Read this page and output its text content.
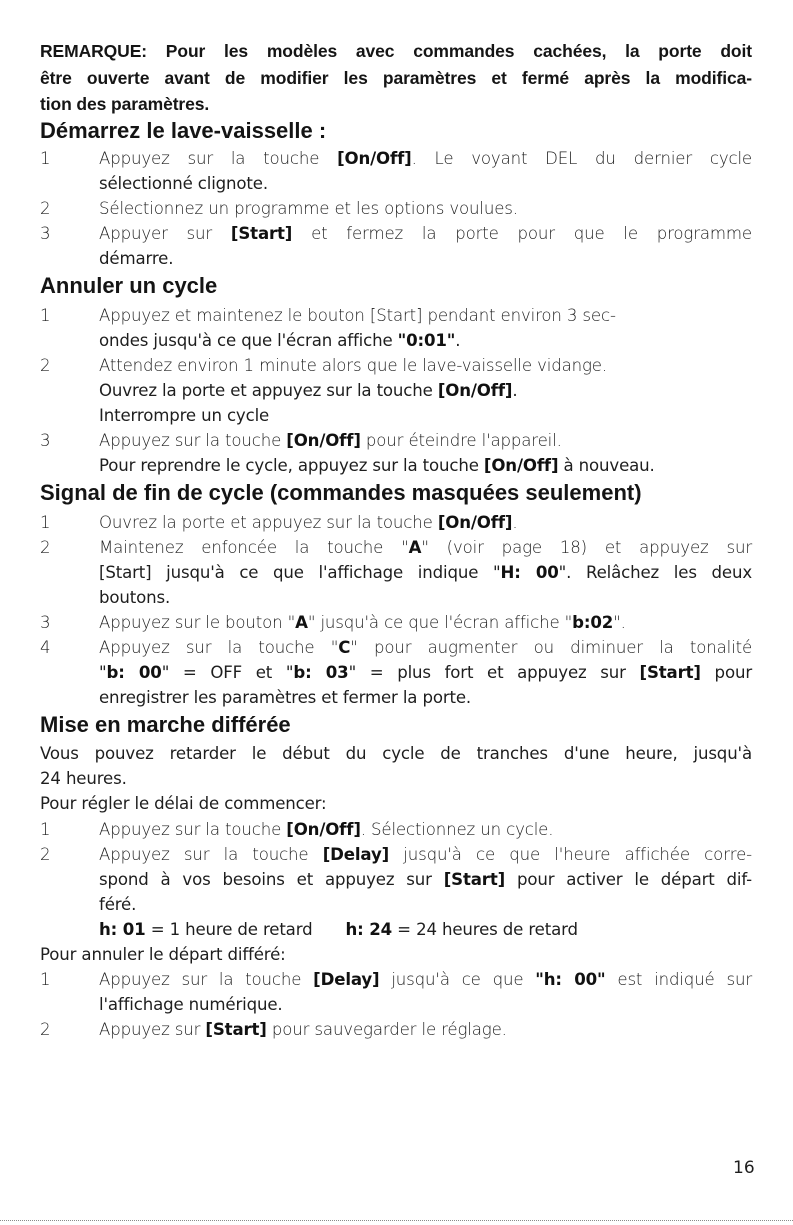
REMARQUE: Pour les modèles avec commandes cachées, la porte doit
être ouverte avant de modifier les paramètres et fermé après la modifica-
tion des paramètres.
Démarrez le lave-vaisselle :
1	Appuyez sur la touche [On/Off]. Le voyant DEL du dernier cycle
sélectionné clignote.
2	Sélectionnez un programme et les options voulues.
3	Appuyer sur [Start] et fermez la porte pour que le programme
démarre.
Annuler un cycle
1	Appuyez et maintenez le bouton [Start] pendant environ 3 sec-
ondes jusqu'à ce que l'écran affiche "0:01".
2	Attendez environ 1 minute alors que le lave-vaisselle vidange.
Ouvrez la porte et appuyez sur la touche [On/Off].
Interrompre un cycle
3	Appuyez sur la touche [On/Off] pour éteindre l'appareil.
Pour reprendre le cycle, appuyez sur la touche [On/Off] à nouveau.
Signal de fin de cycle (commandes masquées seulement)
1	Ouvrez la porte et appuyez sur la touche [On/Off].
2	Maintenez enfoncée la touche "A" (voir page 18) et appuyez sur
[Start] jusqu'à ce que l'affichage indique "H: 00". Relâchez les deux
boutons.
3	Appuyez sur le bouton "A" jusqu'à ce que l'écran affiche "b:02".
4	Appuyez sur la touche "C" pour augmenter ou diminuer la tonalité
"b: 00" = OFF et "b: 03" = plus fort et appuyez sur [Start] pour
enregistrer les paramètres et fermer la porte.
Mise en marche différée
Vous pouvez retarder le début du cycle de tranches d'une heure, jusqu'à
24 heures.
Pour régler le délai de commencer:
1	Appuyez sur la touche [On/Off]. Sélectionnez un cycle.
2	Appuyez sur la touche [Delay] jusqu'à ce que l'heure affichée corre-
spond à vos besoins et appuyez sur [Start] pour activer le départ dif-
féré.
h: 01 = 1 heure de retard h: 24 = 24 heures de retard
Pour annuler le départ différé:
1	Appuyez sur la touche [Delay] jusqu'à ce que "h: 00" est indiqué sur
l'affichage numérique.
2	Appuyez sur [Start] pour sauvegarder le réglage.
16
